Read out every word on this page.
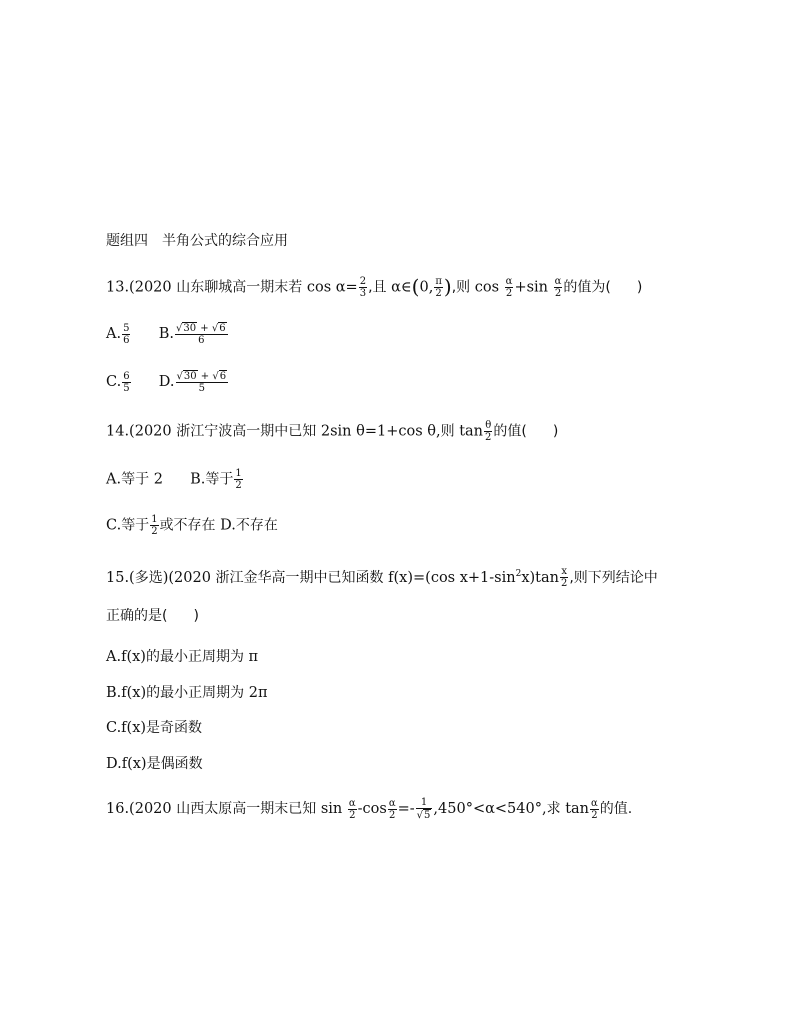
题组四　半角公式的综合应用
13.(2020 山东聊城高一期末若 $\cos \alpha= \frac{2}{3}$ ,且 α∈(0, $\frac{\pi}{2}$ ),则 $\cos \frac{\alpha}{2} +\sin \frac{\alpha}{2}$ 的值为( )
A. $\frac{5}{6} B$. $\frac{√30 + √6}{6}$
C. $\frac{6}{5} D$. $\frac{√30 + √6}{5}$
14.(2020 浙江宁波高一期中已知 2sin θ=1+cos θ,则 $\tan \frac{\theta}{2}$ 的值( )
A.等于 2 B.等于 $\frac{1}{2}$
C.等于 $\frac{1}{2}$ 或不存在 D.不存在
15.(多选)(2020 浙江金华高一期中已知函数 f(x)=(cos $x+1-\sin^2x)\tan \frac{x}{2}$ ,则下列结论中
正确的是( )
A.f(x)的最小正周期为 π
B.f(x)的最小正周期为 2π
C.f(x)是奇函数
D.f(x)是偶函数
16.(2020 山西太原高一期末已知 $\sin \frac{\alpha}{2} -\cos \frac{\alpha}{2} =- \frac{1}{√5} ,450^\circ<\alpha<540^\circ$,求 $\tan \frac{\alpha}{2}$ 的值.
